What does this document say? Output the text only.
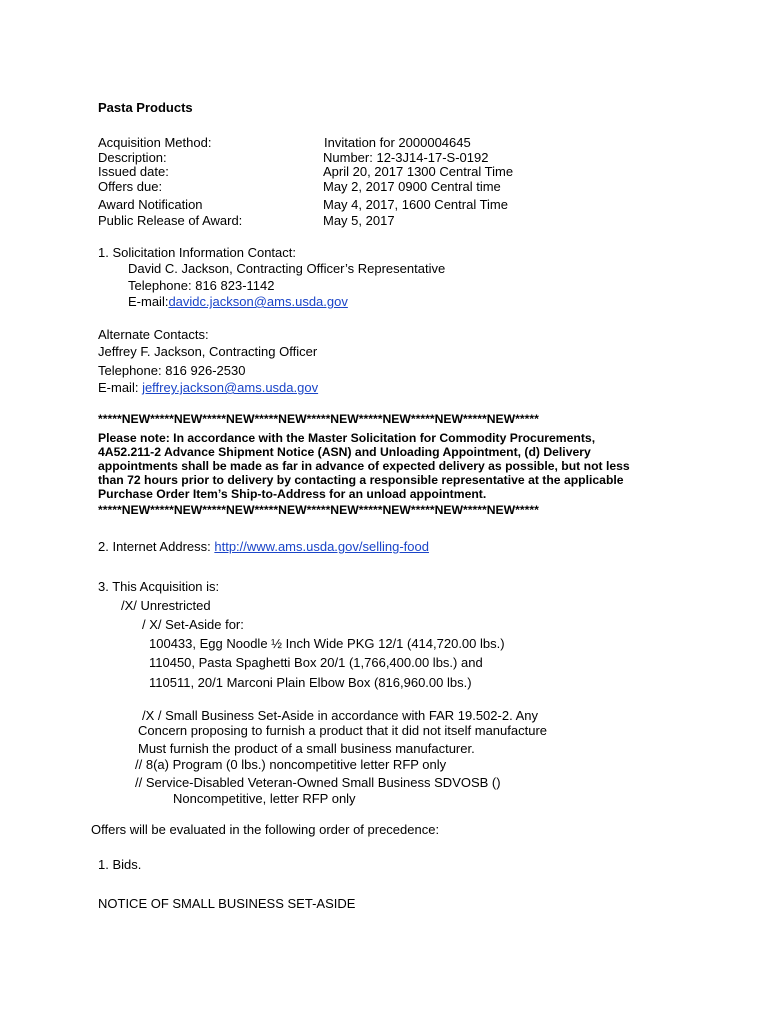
Pasta Products
Acquisition Method:
Description:
Issued date:
Offers due:
Award Notification
Public Release of Award:
Invitation for 2000004645
Number: 12-3J14-17-S-0192
April 20, 2017 1300 Central Time
May 2, 2017 0900 Central time
May 4, 2017, 1600 Central Time
May 5, 2017
1. Solicitation Information Contact:
David C. Jackson, Contracting Officer’s Representative
Telephone: 816 823-1142
E-mail:davidc.jackson@ams.usda.gov
Alternate Contacts:
Jeffrey F. Jackson, Contracting Officer
Telephone: 816 926-2530
E-mail: jeffrey.jackson@ams.usda.gov
*****NEW*****NEW*****NEW*****NEW*****NEW*****NEW*****NEW*****NEW*****
Please note: In accordance with the Master Solicitation for Commodity Procurements,
4A52.211-2 Advance Shipment Notice (ASN) and Unloading Appointment, (d) Delivery
appointments shall be made as far in advance of expected delivery as possible, but not less
than 72 hours prior to delivery by contacting a responsible representative at the applicable
Purchase Order Item’s Ship-to-Address for an unload appointment.
*****NEW*****NEW*****NEW*****NEW*****NEW*****NEW*****NEW*****NEW*****
2. Internet Address: http://www.ams.usda.gov/selling-food
3. This Acquisition is:
/X/ Unrestricted
/ X/ Set-Aside for:
100433, Egg Noodle ½ Inch Wide PKG 12/1 (414,720.00 lbs.)
110450, Pasta Spaghetti Box 20/1 (1,766,400.00 lbs.) and
110511, 20/1 Marconi Plain Elbow Box (816,960.00 lbs.)
/X / Small Business Set-Aside in accordance with FAR 19.502-2. Any
Concern proposing to furnish a product that it did not itself manufacture
Must furnish the product of a small business manufacturer.
// 8(a) Program (0 lbs.) noncompetitive letter RFP only
// Service-Disabled Veteran-Owned Small Business SDVOSB ()
Noncompetitive, letter RFP only
Offers will be evaluated in the following order of precedence:
1. Bids.
NOTICE OF SMALL BUSINESS SET-ASIDE
